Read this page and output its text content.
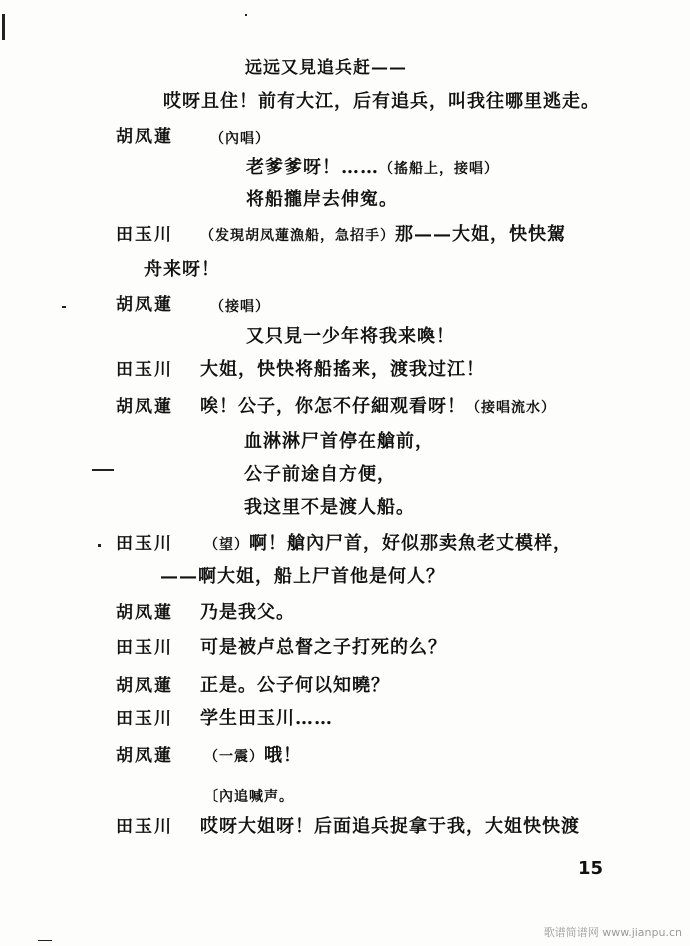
远远又見追兵赶——
哎呀且住！前有大江，后有追兵，叫我往哪里逃走。
胡凤蓮	（內唱）
老爹爹呀！……（搖船上，接唱）
将船攏岸去伸寃。
田玉川 （发現胡凤蓮漁船，急招手）那——大姐，快快駕
舟来呀！
胡凤蓮	（接唱）
又只見一少年将我来喚！
田玉川 大姐，快快将船搖来，渡我过江！
胡凤蓮 唉！公子，你怎不仔細观看呀！（接唱流水）
血淋淋尸首停在艙前，
公子前途自方便，
我这里不是渡人船。
田玉川 （望）啊！艙內尸首，好似那卖魚老丈模样，
——啊大姐，船上尸首他是何人？
胡凤蓮 乃是我父。
田玉川 可是被卢总督之子打死的么？
胡凤蓮 正是。公子何以知曉？
田玉川 学生田玉川……
胡凤蓮 （一震）哦！
〔內追喊声。
田玉川 哎呀大姐呀！后面追兵捉拿于我，大姐快快渡
15
歌谱简谱网 www.jianpu.cn
